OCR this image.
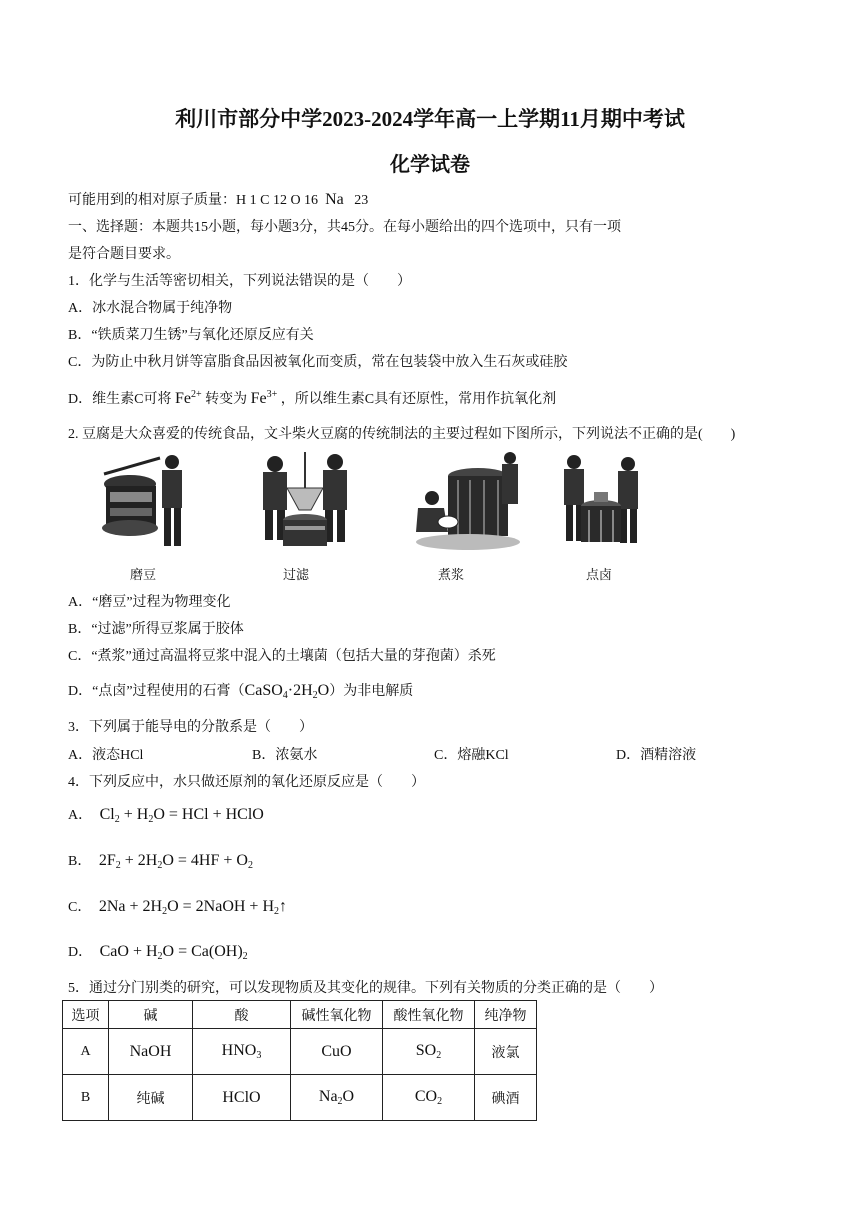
利川市部分中学2023-2024学年高一上学期11月期中考试
化学试卷
可能用到的相对原子质量：H 1 C 12 O 16 Na 23
一、选择题：本题共15小题，每小题3分，共45分。在每小题给出的四个选项中，只有一项
是符合题目要求。
1．化学与生活等密切相关，下列说法错误的是（　　）
A．冰水混合物属于纯净物
B．“铁质菜刀生锈”与氧化还原反应有关
C．为防止中秋月饼等富脂食品因被氧化而变质，常在包装袋中放入生石灰或硅胶
D．维生素C可将 $Fe^{2+}$ 转变为 $Fe^{3+}$ ，所以维生素C具有还原性，常用作抗氧化剂
2. 豆腐是大众喜爱的传统食品，文斗柴火豆腐的传统制法的主要过程如下图所示，下列说法不正确的是(　　)
磨豆	过滤	煮浆	点卤
A．“磨豆”过程为物理变化
B．“过滤”所得豆浆属于胶体
C．“煮浆”通过高温将豆浆中混入的土壤菌（包括大量的芽孢菌）杀死
D．“点卤”过程使用的石膏$(CaSO_4\cdot 2H_2O)$为非电解质
3．下列属于能导电的分散系是（　　）
A．液态HCl	B．浓氨水	C．熔融KCl	D．酒精溶液
4．下列反应中，水只做还原剂的氧化还原反应是（　　）
A．  $Cl_2 + H_2O$ = HCl + HClO
B．  $2F_2 + 2H_2O = 4HF + O_2$
C．  $2Na + 2H_2O$ = 2NaOH + $H_2↑$
D．  CaO + $H_2O = Ca(OH)_2$
5．通过分门别类的研究，可以发现物质及其变化的规律。下列有关物质的分类正确的是（　　）
选项	碱	酸	碱性氧化物	酸性氧化物	纯净物
A	NaOH	$HNO_3$	CuO	$SO_2$	液氯
B	纯碱	HClO	$Na_2O$	$CO_2$	碘酒
